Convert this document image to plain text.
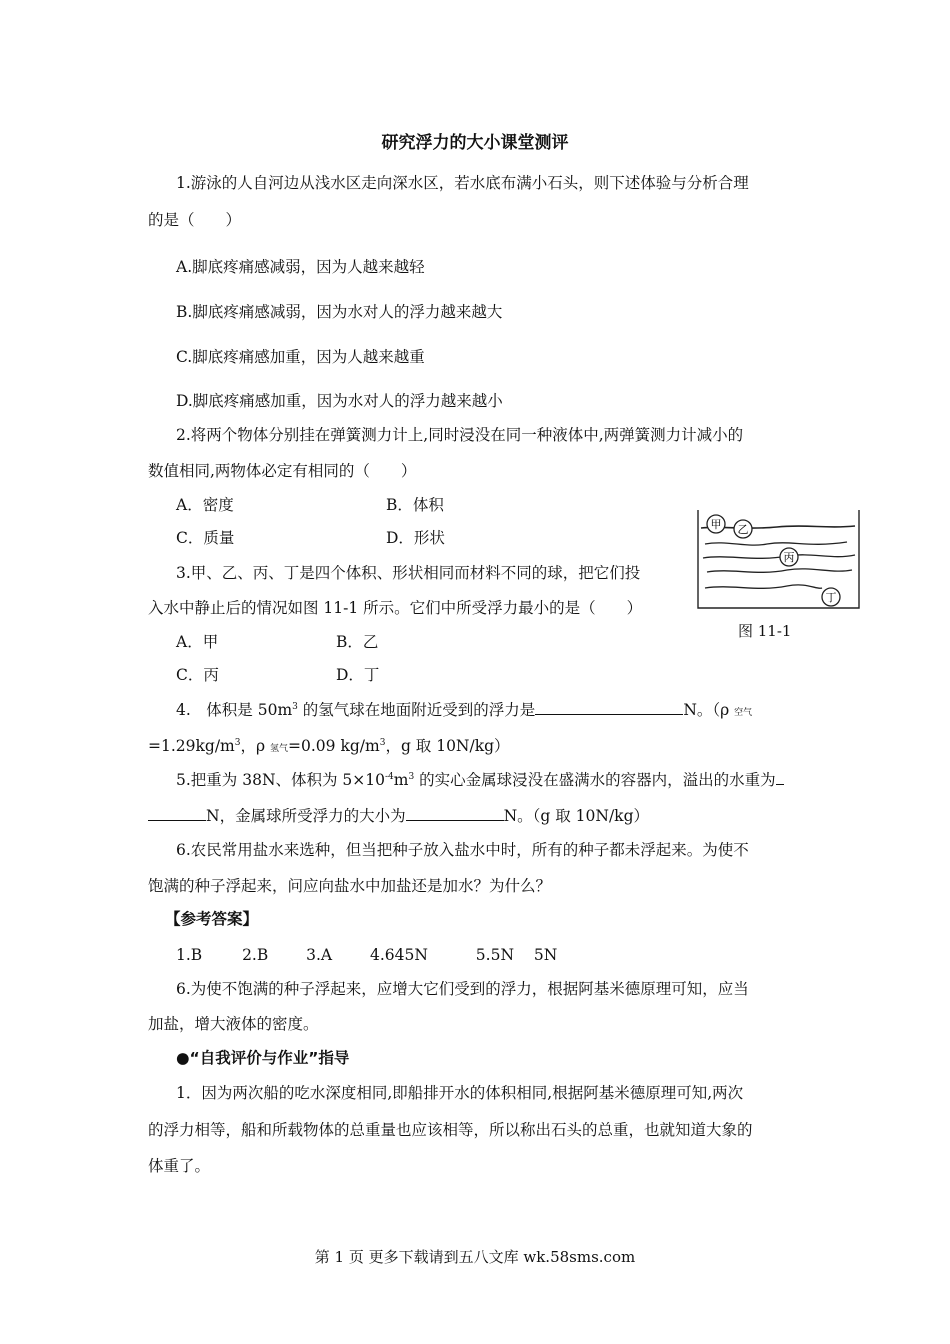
研究浮力的大小课堂测评
1.游泳的人自河边从浅水区走向深水区，若水底布满小石头，则下述体验与分析合理
的是（　　）
A.脚底疼痛感减弱，因为人越来越轻
B.脚底疼痛感减弱，因为水对人的浮力越来越大
C.脚底疼痛感加重，因为人越来越重
D.脚底疼痛感加重，因为水对人的浮力越来越小
2.将两个物体分别挂在弹簧测力计上,同时浸没在同一种液体中,两弹簧测力计减小的
数值相同,两物体必定有相同的（　　）
A．密度	B．体积
C．质量	D．形状
3.甲、乙、丙、丁是四个体积、形状相同而材料不同的球，把它们投
入水中静止后的情况如图 11-1 所示。它们中所受浮力最小的是（　　）
A．甲	B．乙
C．丙	D．丁
甲 乙
丙
丁
图 11-1
4.　体积是 $50m^3$ 的氢气球在地面附近受到的浮力是	N。（ρ 空气
$=1.29kg/m^3$，ρ 氢气=0.09 $kg/m^3$，g 取 10N/kg）
5.把重为 38N、体积为 $5\times 10^{-4}m^3$ 的实心金属球浸没在盛满水的容器内，溢出的水重为
N，金属球所受浮力的大小为	N。（g 取 10N/kg）
6.农民常用盐水来选种，但当把种子放入盐水中时，所有的种子都未浮起来。为使不
饱满的种子浮起来，问应向盐水中加盐还是加水？为什么？
【参考答案】
1.B	2.B 3.A 4.645N	5.5N 5N
6.为使不饱满的种子浮起来，应增大它们受到的浮力，根据阿基米德原理可知，应当
加盐，增大液体的密度。
●“自我评价与作业”指导
1．因为两次船的吃水深度相同,即船排开水的体积相同,根据阿基米德原理可知,两次
的浮力相等，船和所载物体的总重量也应该相等，所以称出石头的总重，也就知道大象的
体重了。
第 1 页 更多下载请到五八文库 wk.58sms.com
